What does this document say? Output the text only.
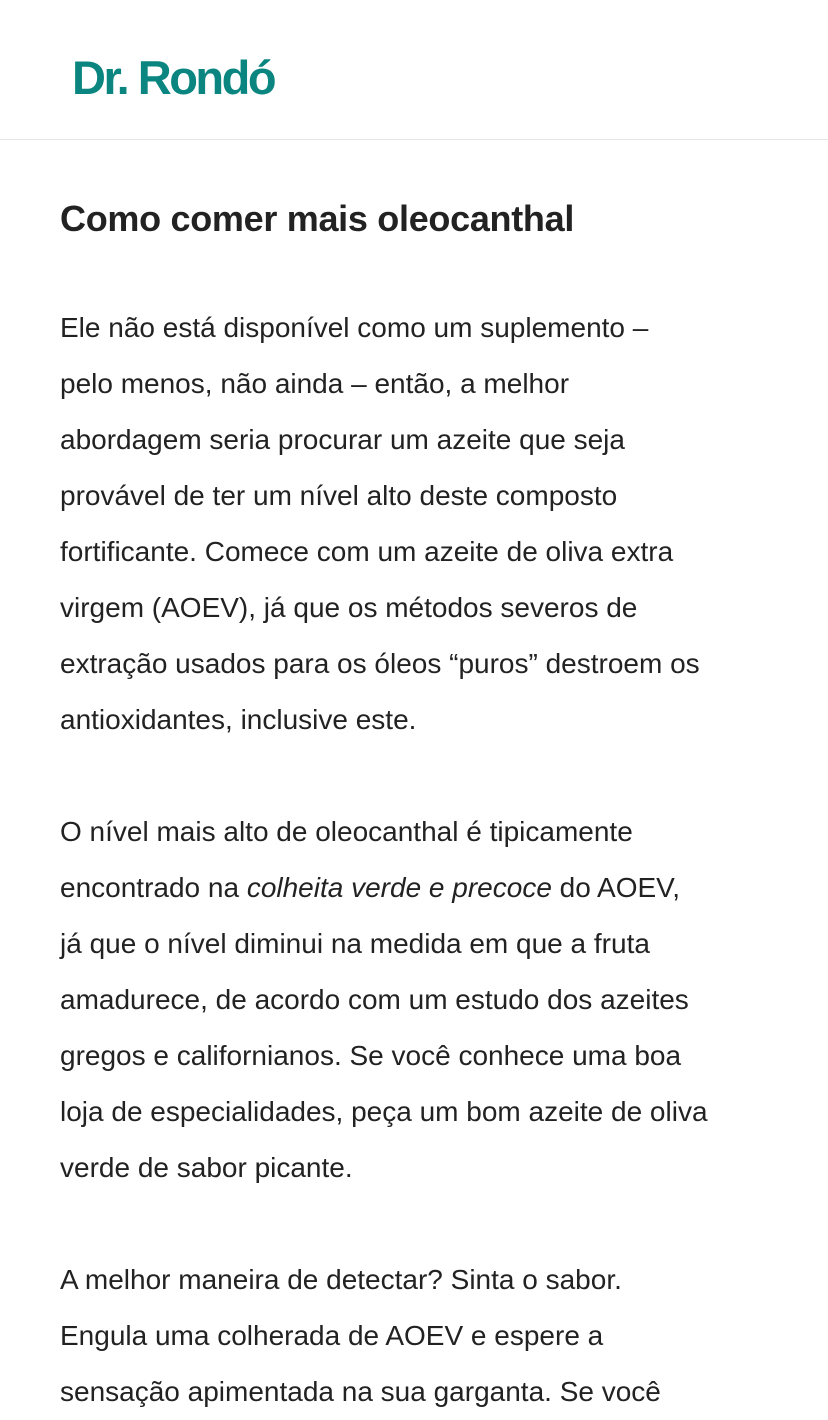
Dr. Rondó
Como comer mais oleocanthal

Ele não está disponível como um suplemento –
pelo menos, não ainda – então, a melhor
abordagem seria procurar um azeite que seja
provável de ter um nível alto deste composto
fortificante. Comece com um azeite de oliva extra
virgem (AOEV), já que os métodos severos de
extração usados para os óleos “puros” destroem os
antioxidantes, inclusive este.

O nível mais alto de oleocanthal é tipicamente
encontrado na colheita verde e precoce do AOEV,
já que o nível diminui na medida em que a fruta
amadurece, de acordo com um estudo dos azeites
gregos e californianos. Se você conhece uma boa
loja de especialidades, peça um bom azeite de oliva
verde de sabor picante.

A melhor maneira de detectar? Sinta o sabor.
Engula uma colherada de AOEV e espere a
sensação apimentada na sua garganta. Se você
